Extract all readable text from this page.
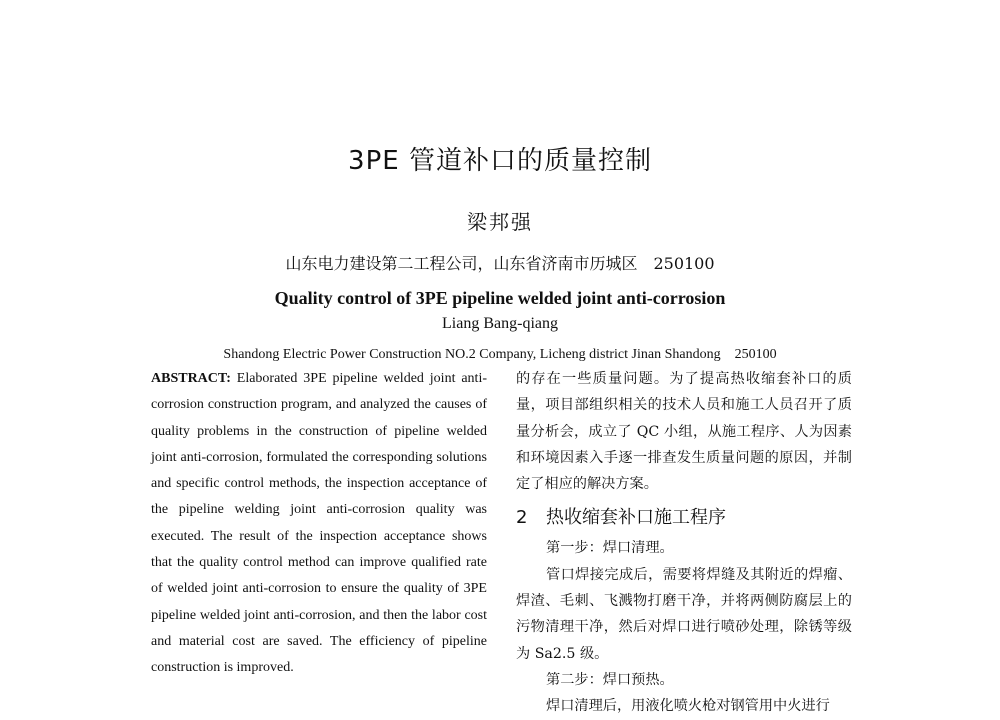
3PE 管道补口的质量控制
梁邦强
山东电力建设第二工程公司，山东省济南市历城区　250100
Quality control of 3PE pipeline welded joint anti-corrosion
Liang Bang-qiang
Shandong Electric Power Construction NO.2 Company, Licheng district Jinan Shandong　250100
ABSTRACT: Elaborated 3PE pipeline welded joint anti-corrosion construction program, and analyzed the causes of quality problems in the construction of pipeline welded joint anti-corrosion, formulated the corresponding solutions and specific control methods, the inspection acceptance of the pipeline welding joint anti-corrosion quality was executed. The result of the inspection acceptance shows that the quality control method can improve qualified rate of welded joint anti-corrosion to ensure the quality of 3PE pipeline welded joint anti-corrosion, and then the labor cost and material cost are saved. The efficiency of pipeline construction is improved.

的存在一些质量问题。为了提高热收缩套补口的质量，项目部组织相关的技术人员和施工人员召开了质量分析会，成立了 QC 小组，从施工程序、人为因素和环境因素入手逐一排查发生质量问题的原因，并制定了相应的解决方案。

2 热收缩套补口施工程序

第一步：焊口清理。

管口焊接完成后，需要将焊缝及其附近的焊瘤、焊渣、毛刺、飞溅物打磨干净，并将两侧防腐层上的污物清理干净，然后对焊口进行喷砂处理，除锈等级为 Sa2.5 级。

第二步：焊口预热。

焊口清理后，用液化喷火枪对钢管用中火进行
